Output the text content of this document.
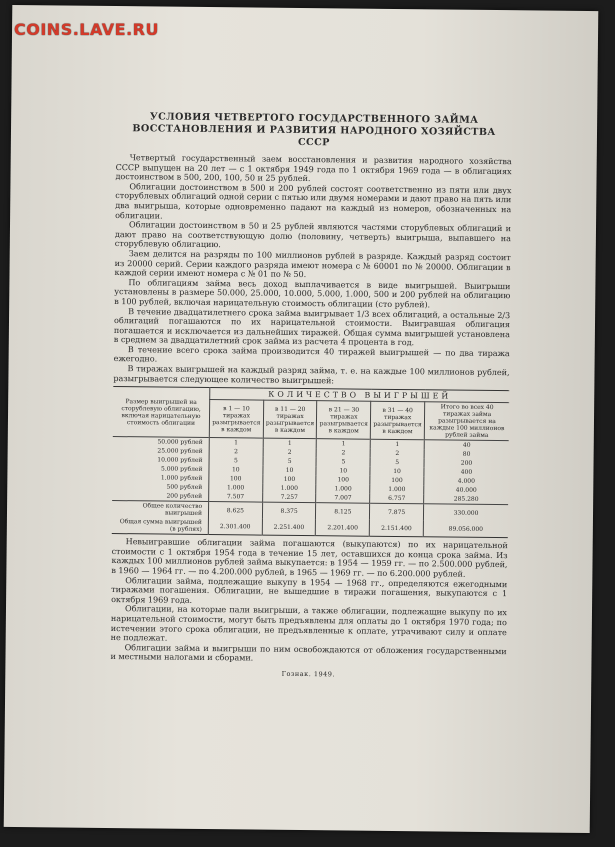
COINS.LAVE.RU
УСЛОВИЯ ЧЕТВЕРТОГО ГОСУДАРСТВЕННОГО ЗАЙМА
ВОССТАНОВЛЕНИЯ И РАЗВИТИЯ НАРОДНОГО ХОЗЯЙСТВА СССР

Четвертый государственный заем восстановления и развития народного хозяйства СССР выпущен на 20 лет — с 1 октября 1949 года по 1 октября 1969 года — в облигациях достоинством в 500, 200, 100, 50 и 25 рублей.

Облигации достоинством в 500 и 200 рублей состоят соответственно из пяти или двух сторублевых облигаций одной серии с пятью или двумя номерами и дают право на пять или два выигрыша, которые одновременно падают на каждый из номеров, обозначенных на облигации.

Облигации достоинством в 50 и 25 рублей являются частями сторублевых облигаций и дают право на соответствующую долю (половину, четверть) выигрыша, выпавшего на сторублевую облигацию.

Заем делится на разряды по 100 миллионов рублей в разряде. Каждый разряд состоит из 20000 серий. Серии каждого разряда имеют номера с № 60001 по № 20000. Облигации в каждой серии имеют номера с № 01 по № 50.

По облигациям займа весь доход выплачивается в виде выигрышей. Выигрыши установлены в размере 50.000, 25.000, 10.000, 5.000, 1.000, 500 и 200 рублей на облигацию в 100 рублей, включая нарицательную стоимость облигации (сто рублей).

В течение двадцатилетнего срока займа выигрывает 1/3 всех облигаций, а остальные 2/3 облигаций погашаются по их нарицательной стоимости. Выигравшая облигация погашается и исключается из дальнейших тиражей. Общая сумма выигрышей установлена в среднем за двадцатилетний срок займа из расчета 4 процента в год.

В течение всего срока займа производится 40 тиражей выигрышей — по два тиража ежегодно.

В тиражах выигрышей на каждый разряд займа, т. е. на каждые 100 миллионов рублей, разыгрывается следующее количество выигрышей:

Размер выигрышей на сторублевую облигацию, включая нарицательную стоимость облигации	КОЛИЧЕСТВО ВЫИГРЫШЕЙ				
	в 1 — 10 тиражах разыгрывается в каждом	в 11 — 20 тиражах разыгрывается в каждом	в 21 — 30 тиражах разыгрывается в каждом	в 31 — 40 тиражах разыгрывается в каждом	Итого во всех 40 тиражах займа разыгрывается на каждые 100 миллионов рублей займа
50.000 рублей	1	1	1	1	40
25.000 рублей	2	2	2	2	80
10.000 рублей	5	5	5	5	200
5.000 рублей	10	10	10	10	400
1.000 рублей	100	100	100	100	4.000
500 рублей	1.000	1.000	1.000	1.000	40.000
200 рублей	7.507	7.257	7.007	6.757	285.280
Общее количество выигрышей	8.625	8.375	8.125	7.875	330.000
Общая сумма выигрышей (в рублях)	2.301.400	2.251.400	2.201.400	2.151.400	89.056.000

Невыигравшие облигации займа погашаются (выкупаются) по их нарицательной стоимости с 1 октября 1954 года в течение 15 лет, оставшихся до конца срока займа. Из каждых 100 миллионов рублей займа выкупается: в 1954 — 1959 гг. — по 2.500.000 рублей, в 1960 — 1964 гг. — по 4.200.000 рублей, в 1965 — 1969 гг. — по 6.200.000 рублей.

Облигации займа, подлежащие выкупу в 1954 — 1968 гг., определяются ежегодными тиражами погашения. Облигации, не вышедшие в тиражи погашения, выкупаются с 1 октября 1969 года.

Облигации, на которые пали выигрыши, а также облигации, подлежащие выкупу по их нарицательной стоимости, могут быть предъявлены для оплаты до 1 октября 1970 года; по истечении этого срока облигации, не предъявленные к оплате, утрачивают силу и оплате не подлежат.

Облигации займа и выигрыши по ним освобождаются от обложения государственными и местными налогами и сборами.

Гознак. 1949.
